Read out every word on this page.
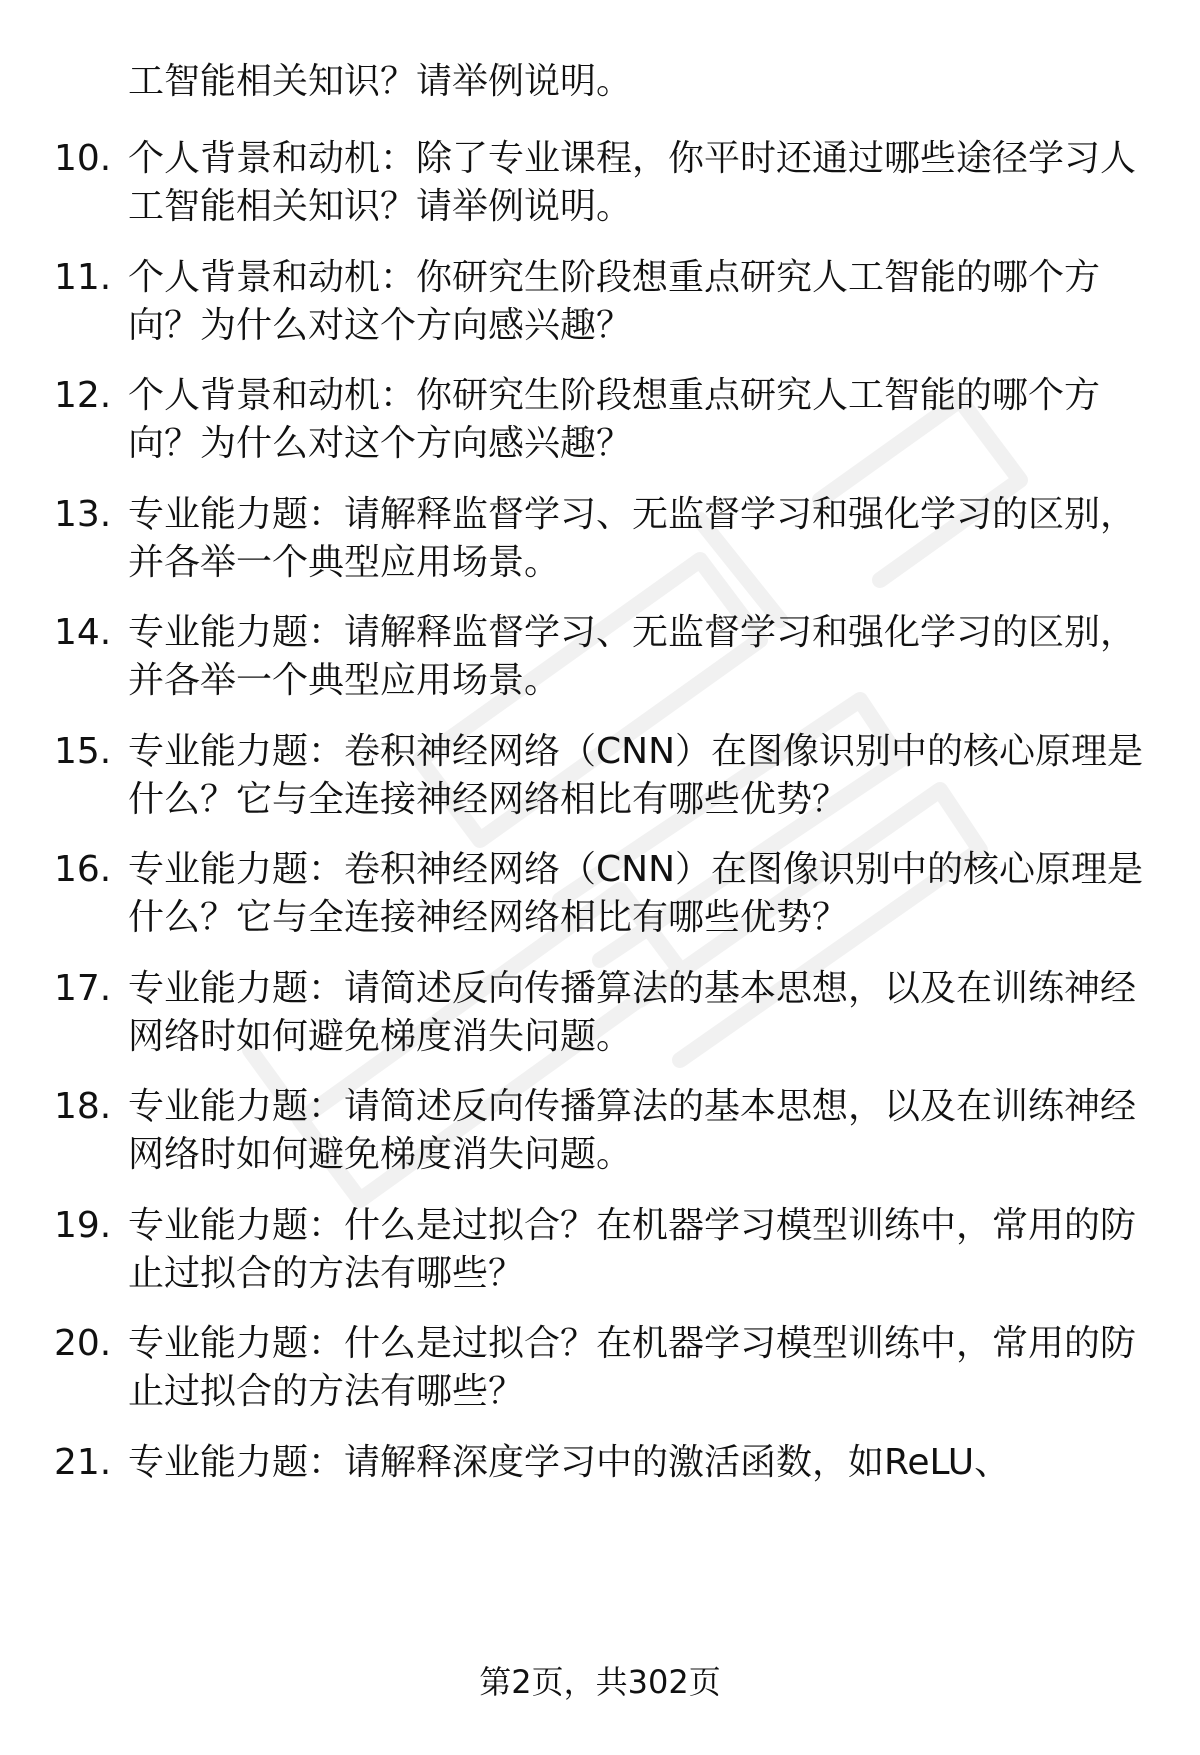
工智能相关知识？请举例说明。
10. 个人背景和动机：除了专业课程，你平时还通过哪些途径学习人
工智能相关知识？请举例说明。
11. 个人背景和动机：你研究生阶段想重点研究人工智能的哪个方
向？为什么对这个方向感兴趣？
12. 个人背景和动机：你研究生阶段想重点研究人工智能的哪个方
向？为什么对这个方向感兴趣？
13. 专业能力题：请解释监督学习、无监督学习和强化学习的区别，
并各举一个典型应用场景。
14. 专业能力题：请解释监督学习、无监督学习和强化学习的区别，
并各举一个典型应用场景。
15. 专业能力题：卷积神经网络（CNN）在图像识别中的核心原理是
什么？它与全连接神经网络相比有哪些优势？
16. 专业能力题：卷积神经网络（CNN）在图像识别中的核心原理是
什么？它与全连接神经网络相比有哪些优势？
17. 专业能力题：请简述反向传播算法的基本思想，以及在训练神经
网络时如何避免梯度消失问题。
18. 专业能力题：请简述反向传播算法的基本思想，以及在训练神经
网络时如何避免梯度消失问题。
19. 专业能力题：什么是过拟合？在机器学习模型训练中，常用的防
止过拟合的方法有哪些？
20. 专业能力题：什么是过拟合？在机器学习模型训练中，常用的防
止过拟合的方法有哪些？
21. 专业能力题：请解释深度学习中的激活函数，如ReLU、
第2页，共302页
